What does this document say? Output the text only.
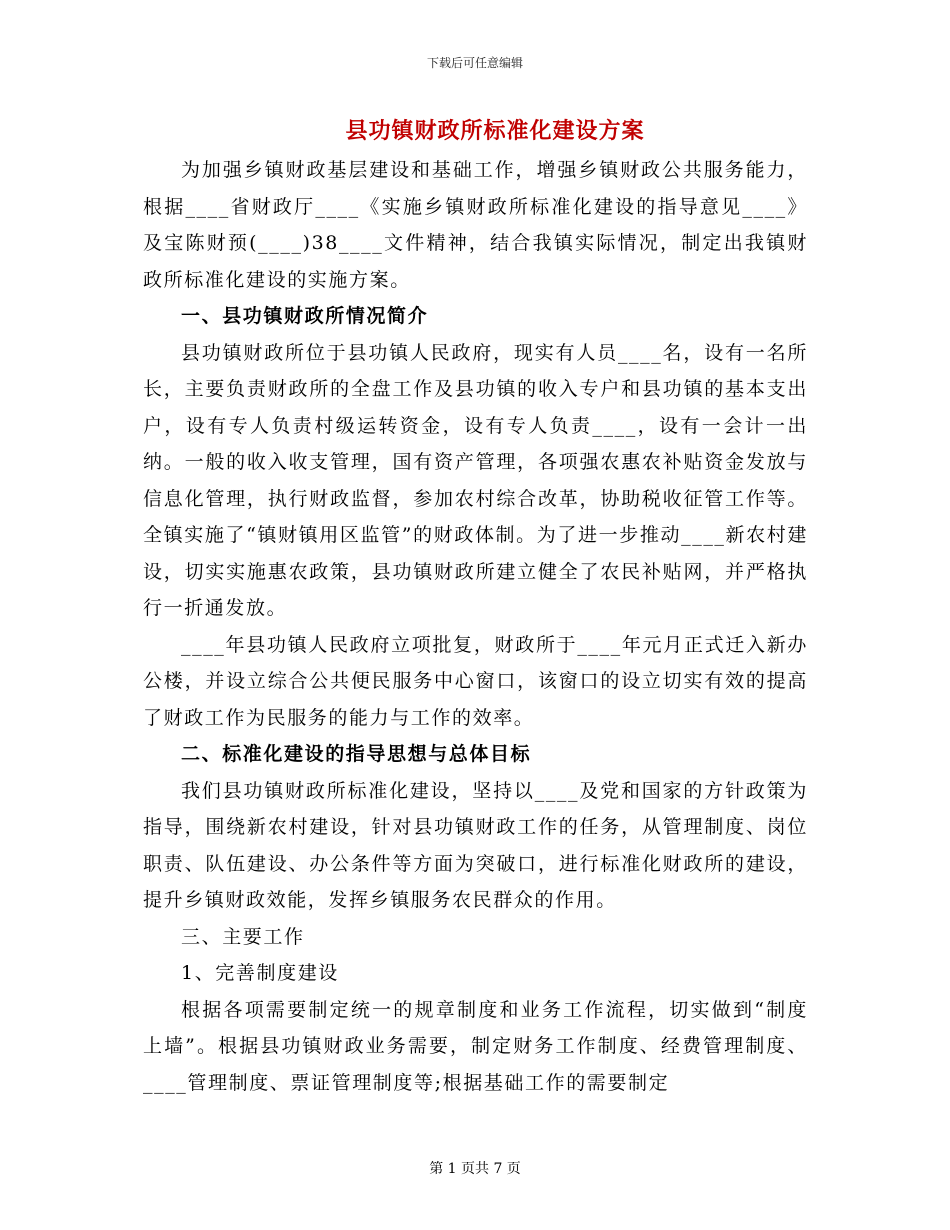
下载后可任意编辑
县功镇财政所标准化建设方案

为加强乡镇财政基层建设和基础工作，增强乡镇财政公共服务能力，根据____省财政厅____《实施乡镇财政所标准化建设的指导意见____》及宝陈财预(____)38____文件精神，结合我镇实际情况，制定出我镇财政所标准化建设的实施方案。

一、县功镇财政所情况简介

县功镇财政所位于县功镇人民政府，现实有人员____名，设有一名所长，主要负责财政所的全盘工作及县功镇的收入专户和县功镇的基本支出户，设有专人负责村级运转资金，设有专人负责____，设有一会计一出纳。一般的收入收支管理，国有资产管理，各项强农惠农补贴资金发放与信息化管理，执行财政监督，参加农村综合改革，协助税收征管工作等。全镇实施了“镇财镇用区监管”的财政体制。为了进一步推动____新农村建设，切实实施惠农政策，县功镇财政所建立健全了农民补贴网，并严格执行一折通发放。

____年县功镇人民政府立项批复，财政所于____年元月正式迁入新办公楼，并设立综合公共便民服务中心窗口，该窗口的设立切实有效的提高了财政工作为民服务的能力与工作的效率。

二、标准化建设的指导思想与总体目标

我们县功镇财政所标准化建设，坚持以____及党和国家的方针政策为指导，围绕新农村建设，针对县功镇财政工作的任务，从管理制度、岗位职责、队伍建设、办公条件等方面为突破口，进行标准化财政所的建设，提升乡镇财政效能，发挥乡镇服务农民群众的作用。

三、主要工作

1、完善制度建设

根据各项需要制定统一的规章制度和业务工作流程，切实做到“制度上墙”。根据县功镇财政业务需要，制定财务工作制度、经费管理制度、____管理制度、票证管理制度等;根据基础工作的需要制定

第 1 页共 7 页
